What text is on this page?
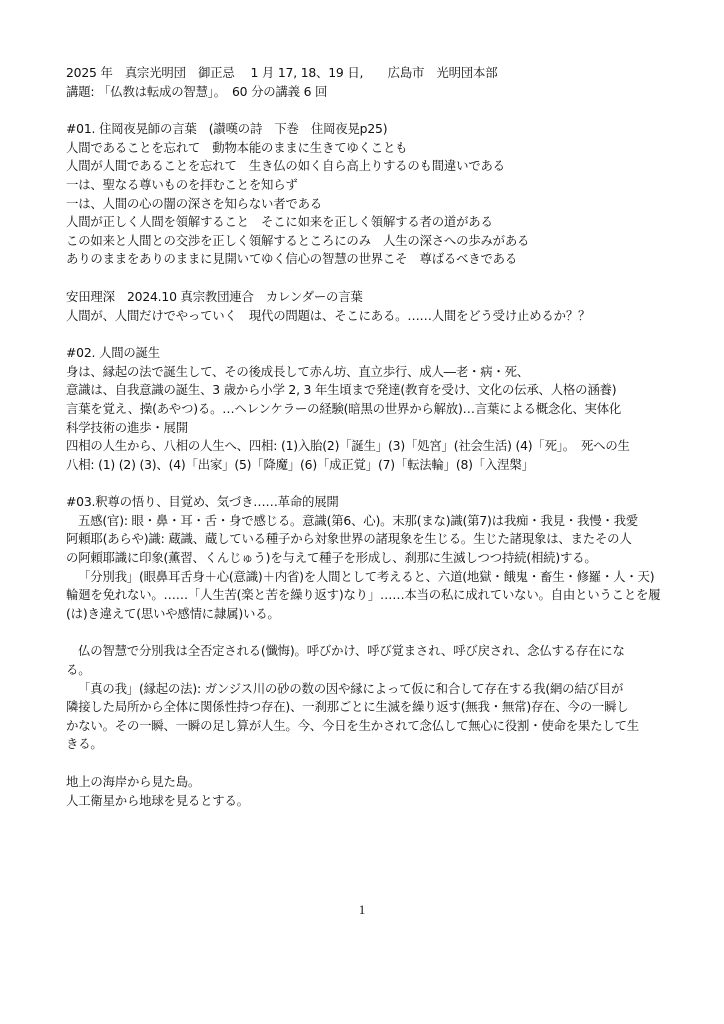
2025 年　真宗光明団　御正忌　 1 月 17, 18、19 日,　　広島市　光明団本部
講題: 「仏教は転成の智慧」。　60 分の講義 6 回
#01. 住岡夜晃師の言葉　(讃嘆の詩　下巻　住岡夜晃p25)
人間であることを忘れて　動物本能のままに生きてゆくことも
人間が人間であることを忘れて　生き仏の如く自ら高上りするのも間違いである
一は、聖なる尊いものを拝むことを知らず
一は、人間の心の闇の深さを知らない者である
人間が正しく人間を領解すること　そこに如来を正しく領解する者の道がある
この如来と人間との交渉を正しく領解するところにのみ　人生の深さへの歩みがある
ありのままをありのままに見開いてゆく信心の智慧の世界こそ　尊ばるべきである
安田理深　2024.10 真宗教団連合　カレンダーの言葉
人間が、人間だけでやっていく　現代の問題は、そこにある。……人間をどう受け止めるか？？
#02. 人間の誕生
身は、縁起の法で誕生して、その後成長して赤ん坊、直立歩行、成人―老・病・死、
意識は、自我意識の誕生、3 歳から小学 2, 3 年生頃まで発達(教育を受け、文化の伝承、人格の涵養)
言葉を覚え、操(あやつ)る。…ヘレンケラーの経験(暗黒の世界から解放)…言葉による概念化、実体化
科学技術の進歩・展開
四相の人生から、八相の人生へ、四相: (1)入胎(2)「誕生」(3)「処宮」(社会生活) (4)「死」。　死への生
八相: (1) (2) (3)、(4)「出家」(5)「降魔」(6)「成正覚」(7)「転法輪」(8)「入涅槃」
#03.釈尊の悟り、目覚め、気づき……革命的展開
五感(官): 眼・鼻・耳・舌・身で感じる。意識(第6、心)。末那(まな)識(第7)は我痴・我見・我慢・我愛
阿頼耶(あらや)識: 蔵識、蔵している種子から対象世界の諸現象を生じる。生じた諸現象は、またその人
の阿頼耶識に印象(薫習、くんじゅう)を与えて種子を形成し、刹那に生滅しつつ持続(相続)する。
「分別我」(眼鼻耳舌身＋心(意識)＋内省)を人間として考えると、六道(地獄・餓鬼・畜生・修羅・人・天)
輪廻を免れない。……「人生苦(楽と苦を繰り返す)なり」……本当の私に成れていない。自由ということを履
(は)き違えて(思いや感情に隷属)いる。
仏の智慧で分別我は全否定される(懺悔)。呼びかけ、呼び覚まされ、呼び戻され、念仏する存在にな
る。
「真の我」(縁起の法): ガンジス川の砂の数の因や縁によって仮に和合して存在する我(網の結び目が
隣接した局所から全体に関係性持つ存在)、一刹那ごとに生滅を繰り返す(無我・無常)存在、今の一瞬し
かない。その一瞬、一瞬の足し算が人生。今、今日を生かされて念仏して無心に役割・使命を果たして生
きる。
地上の海岸から見た島。
人工衛星から地球を見るとする。
1
